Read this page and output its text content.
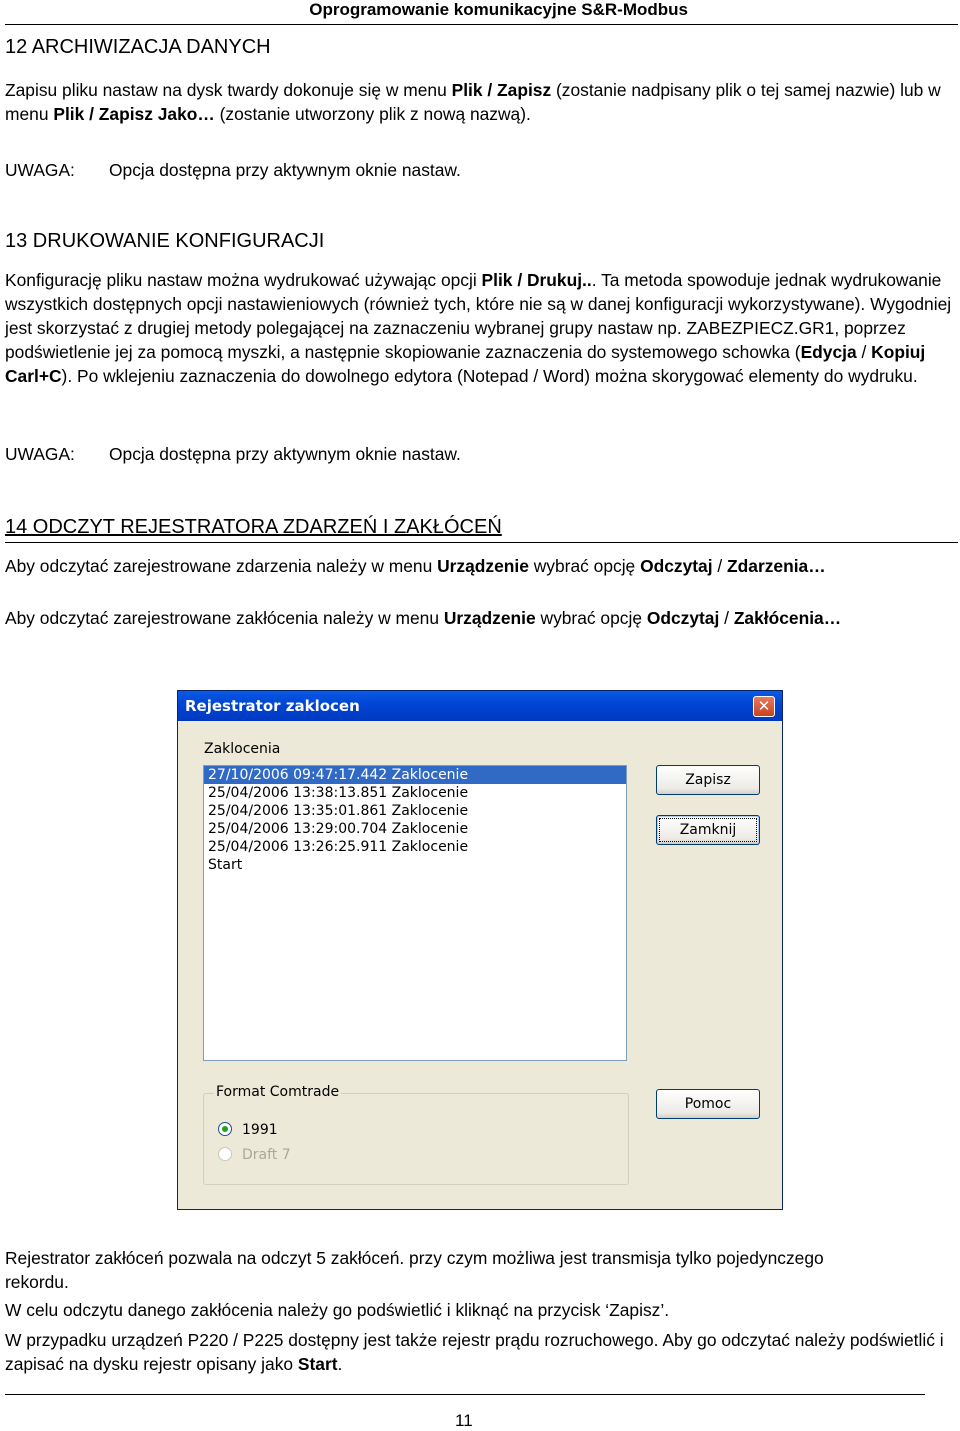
Oprogramowanie komunikacyjne S&R-Modbus
12 ARCHIWIZACJA DANYCH
Zapisu pliku nastaw na dysk twardy dokonuje się w menu Plik / Zapisz (zostanie nadpisany plik o tej samej nazwie) lub w menu Plik / Zapisz Jako… (zostanie utworzony plik z nową nazwą).
UWAGA: Opcja dostępna przy aktywnym oknie nastaw.
13 DRUKOWANIE KONFIGURACJI
Konfigurację pliku nastaw można wydrukować używając opcji Plik / Drukuj... Ta metoda spowoduje jednak wydrukowanie wszystkich dostępnych opcji nastawieniowych (również tych, które nie są w danej konfiguracji wykorzystywane). Wygodniej jest skorzystać z drugiej metody polegającej na zaznaczeniu wybranej grupy nastaw np. ZABEZPIECZ.GR1, poprzez podświetlenie jej za pomocą myszki, a następnie skopiowanie zaznaczenia do systemowego schowka (Edycja / Kopiuj Carl+C). Po wklejeniu zaznaczenia do dowolnego edytora (Notepad / Word) można skorygować elementy do wydruku.
UWAGA: Opcja dostępna przy aktywnym oknie nastaw.
14 ODCZYT REJESTRATORA ZDARZEŃ I ZAKŁÓCEŃ
Aby odczytać zarejestrowane zdarzenia należy w menu Urządzenie wybrać opcję Odczytaj / Zdarzenia…
Aby odczytać zarejestrowane zakłócenia należy w menu Urządzenie wybrać opcję Odczytaj / Zakłócenia…
Rejestrator zaklocen	✕
Zaklocenia
27/10/2006 09:47:17.442 Zaklocenie
25/04/2006 13:38:13.851 Zaklocenie
25/04/2006 13:35:01.861 Zaklocenie
25/04/2006 13:29:00.704 Zaklocenie
25/04/2006 13:26:25.911 Zaklocenie
Start
Zapisz
Zamknij
Pomoc
Format Comtrade
1991
Draft 7
Rejestrator zakłóceń pozwala na odczyt 5 zakłóceń. przy czym możliwa jest transmisja tylko pojedynczego rekordu.
W celu odczytu danego zakłócenia należy go podświetlić i kliknąć na przycisk ‘Zapisz’.
W przypadku urządzeń P220 / P225 dostępny jest także rejestr prądu rozruchowego. Aby go odczytać należy podświetlić i zapisać na dysku rejestr opisany jako Start.
11
